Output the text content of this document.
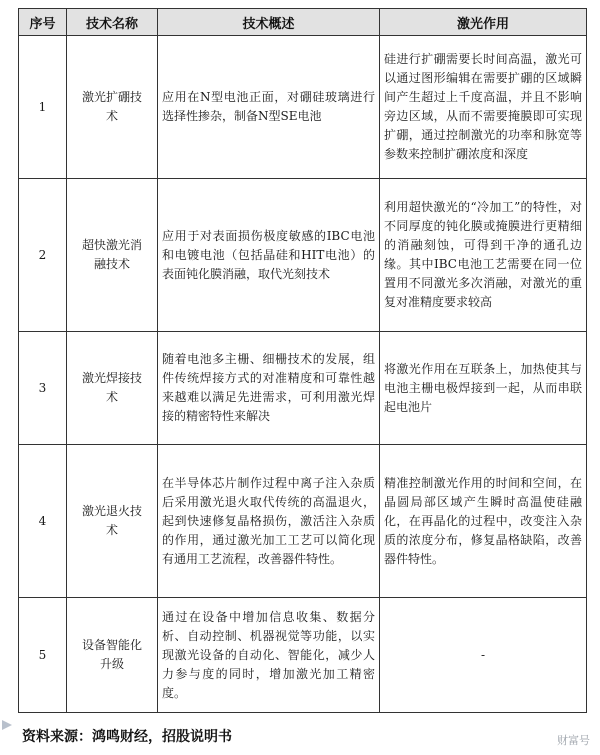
序号	技术名称	技术概述	激光作用
1	激光扩硼技术	应用在N型电池正面，对硼硅玻璃进行选择性掺杂，制备N型SE电池	硅进行扩硼需要长时间高温，激光可以通过图形编辑在需要扩硼的区域瞬间产生超过上千度高温，并且不影响旁边区域，从而不需要掩膜即可实现扩硼，通过控制激光的功率和脉宽等参数来控制扩硼浓度和深度
2	超快激光消融技术	应用于对表面损伤极度敏感的IBC电池和电镀电池（包括晶硅和HIT电池）的表面钝化膜消融，取代光刻技术	利用超快激光的“冷加工”的特性，对不同厚度的钝化膜或掩膜进行更精细的消融刻蚀，可得到干净的通孔边缘。其中IBC电池工艺需要在同一位置用不同激光多次消融，对激光的重复对准精度要求较高
3	激光焊接技术	随着电池多主栅、细栅技术的发展，组件传统焊接方式的对准精度和可靠性越来越难以满足先进需求，可利用激光焊接的精密特性来解决	将激光作用在互联条上，加热使其与电池主栅电极焊接到一起，从而串联起电池片
4	激光退火技术	在半导体芯片制作过程中离子注入杂质后采用激光退火取代传统的高温退火，起到快速修复晶格损伤，激活注入杂质的作用，通过激光加工工艺可以简化现有通用工艺流程，改善器件特性。	精准控制激光作用的时间和空间，在晶圆局部区域产生瞬时高温使硅融化，在再晶化的过程中，改变注入杂质的浓度分布，修复晶格缺陷，改善器件特性。
5	设备智能化升级	通过在设备中增加信息收集、数据分析、自动控制、机器视觉等功能，以实现激光设备的自动化、智能化，减少人力参与度的同时，增加激光加工精密度。	-
资料来源：鸿鸣财经，招股说明书	财富号
